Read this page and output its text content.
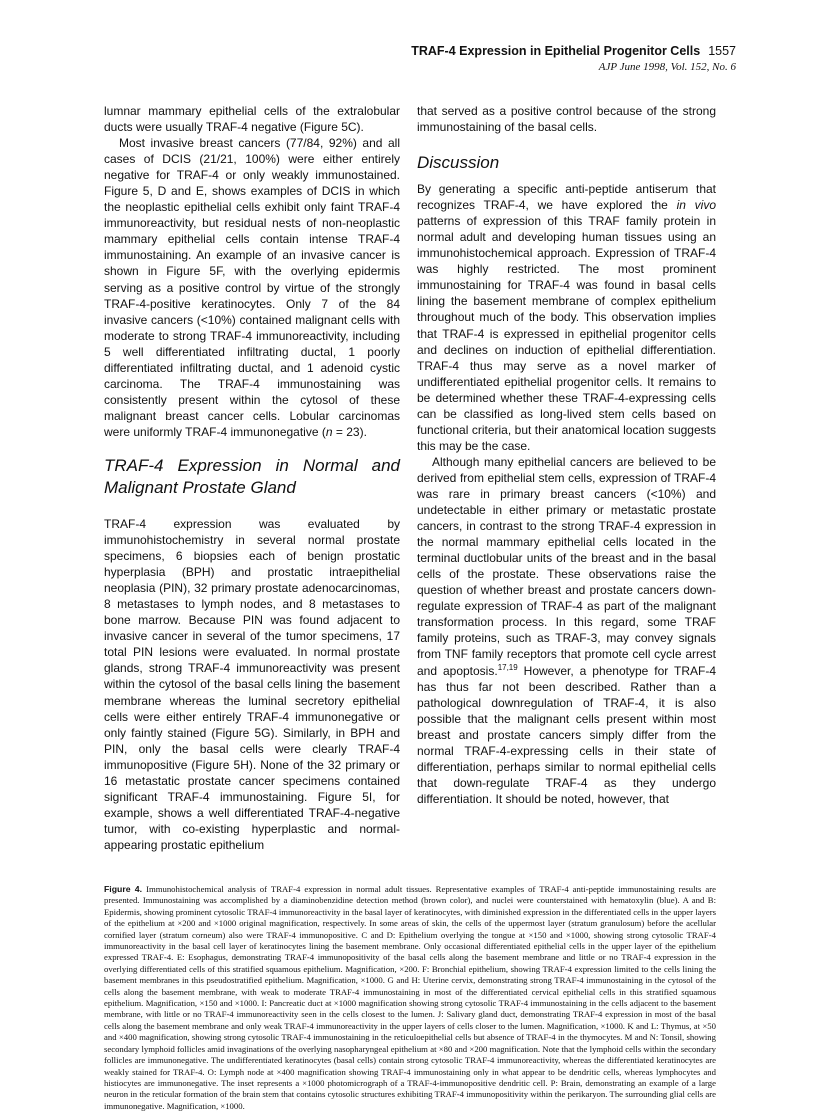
TRAF-4 Expression in Epithelial Progenitor Cells 1557
AJP June 1998, Vol. 152, No. 6

lumnar mammary epithelial cells of the extralobular ducts were usually TRAF-4 negative (Figure 5C).

Most invasive breast cancers (77/84, 92%) and all cases of DCIS (21/21, 100%) were either entirely negative for TRAF-4 or only weakly immunostained. Figure 5, D and E, shows examples of DCIS in which the neoplastic epithelial cells exhibit only faint TRAF-4 immunoreactivity, but residual nests of non-neoplastic mammary epithelial cells contain intense TRAF-4 immunostaining. An example of an invasive cancer is shown in Figure 5F, with the overlying epidermis serving as a positive control by virtue of the strongly TRAF-4-positive keratinocytes. Only 7 of the 84 invasive cancers (<10%) contained malignant cells with moderate to strong TRAF-4 immunoreactivity, including 5 well differentiated infiltrating ductal, 1 poorly differentiated infiltrating ductal, and 1 adenoid cystic carcinoma. The TRAF-4 immunostaining was consistently present within the cytosol of these malignant breast cancer cells. Lobular carcinomas were uniformly TRAF-4 immunonegative (n = 23).

TRAF-4 Expression in Normal and Malignant Prostate Gland

TRAF-4 expression was evaluated by immunohistochemistry in several normal prostate specimens, 6 biopsies each of benign prostatic hyperplasia (BPH) and prostatic intraepithelial neoplasia (PIN), 32 primary prostate adenocarcinomas, 8 metastases to lymph nodes, and 8 metastases to bone marrow. Because PIN was found adjacent to invasive cancer in several of the tumor specimens, 17 total PIN lesions were evaluated. In normal prostate glands, strong TRAF-4 immunoreactivity was present within the cytosol of the basal cells lining the basement membrane whereas the luminal secretory epithelial cells were either entirely TRAF-4 immunonegative or only faintly stained (Figure 5G). Similarly, in BPH and PIN, only the basal cells were clearly TRAF-4 immunopositive (Figure 5H). None of the 32 primary or 16 metastatic prostate cancer specimens contained significant TRAF-4 immunostaining. Figure 5I, for example, shows a well differentiated TRAF-4-negative tumor, with co-existing hyperplastic and normal-appearing prostatic epithelium

that served as a positive control because of the strong immunostaining of the basal cells.

Discussion

By generating a specific anti-peptide antiserum that recognizes TRAF-4, we have explored the in vivo patterns of expression of this TRAF family protein in normal adult and developing human tissues using an immunohistochemical approach. Expression of TRAF-4 was highly restricted. The most prominent immunostaining for TRAF-4 was found in basal cells lining the basement membrane of complex epithelium throughout much of the body. This observation implies that TRAF-4 is expressed in epithelial progenitor cells and declines on induction of epithelial differentiation. TRAF-4 thus may serve as a novel marker of undifferentiated epithelial progenitor cells. It remains to be determined whether these TRAF-4-expressing cells can be classified as long-lived stem cells based on functional criteria, but their anatomical location suggests this may be the case.

Although many epithelial cancers are believed to be derived from epithelial stem cells, expression of TRAF-4 was rare in primary breast cancers (<10%) and undetectable in either primary or metastatic prostate cancers, in contrast to the strong TRAF-4 expression in the normal mammary epithelial cells located in the terminal ductlobular units of the breast and in the basal cells of the prostate. These observations raise the question of whether breast and prostate cancers down-regulate expression of TRAF-4 as part of the malignant transformation process. In this regard, some TRAF family proteins, such as TRAF-3, may convey signals from TNF family receptors that promote cell cycle arrest and apoptosis.$^{17,19}$ However, a phenotype for TRAF-4 has thus far not been described. Rather than a pathological downregulation of TRAF-4, it is also possible that the malignant cells present within most breast and prostate cancers simply differ from the normal TRAF-4-expressing cells in their state of differentiation, perhaps similar to normal epithelial cells that down-regulate TRAF-4 as they undergo differentiation. It should be noted, however, that

Figure 4. Immunohistochemical analysis of TRAF-4 expression in normal adult tissues. Representative examples of TRAF-4 anti-peptide immunostaining results are presented. Immunostaining was accomplished by a diaminobenzidine detection method (brown color), and nuclei were counterstained with hematoxylin (blue). A and B: Epidermis, showing prominent cytosolic TRAF-4 immunoreactivity in the basal layer of keratinocytes, with diminished expression in the differentiated cells in the upper layers of the epithelium at ×200 and ×1000 original magnification, respectively. In some areas of skin, the cells of the uppermost layer (stratum granulosum) before the acellular cornified layer (stratum corneum) also were TRAF-4 immunopositive. C and D: Epithelium overlying the tongue at ×150 and ×1000, showing strong cytosolic TRAF-4 immunoreactivity in the basal cell layer of keratinocytes lining the basement membrane. Only occasional differentiated epithelial cells in the upper layer of the epithelium expressed TRAF-4. E: Esophagus, demonstrating TRAF-4 immunopositivity of the basal cells along the basement membrane and little or no TRAF-4 expression in the overlying differentiated cells of this stratified squamous epithelium. Magnification, ×200. F: Bronchial epithelium, showing TRAF-4 expression limited to the cells lining the basement membranes in this pseudostratified epithelium. Magnification, ×1000. G and H: Uterine cervix, demonstrating strong TRAF-4 immunostaining in the cytosol of the cells along the basement membrane, with weak to moderate TRAF-4 immunostaining in most of the differentiated cervical epithelial cells in this stratified squamous epithelium. Magnification, ×150 and ×1000. I: Pancreatic duct at ×1000 magnification showing strong cytosolic TRAF-4 immunostaining in the cells adjacent to the basement membrane, with little or no TRAF-4 immunoreactivity seen in the cells closest to the lumen. J: Salivary gland duct, demonstrating TRAF-4 expression in most of the basal cells along the basement membrane and only weak TRAF-4 immunoreactivity in the upper layers of cells closer to the lumen. Magnification, ×1000. K and L: Thymus, at ×50 and ×400 magnification, showing strong cytosolic TRAF-4 immunostaining in the reticuloepithelial cells but absence of TRAF-4 in the thymocytes. M and N: Tonsil, showing secondary lymphoid follicles amid invaginations of the overlying nasopharyngeal epithelium at ×80 and ×200 magnification. Note that the lymphoid cells within the secondary follicles are immunonegative. The undifferentiated keratinocytes (basal cells) contain strong cytosolic TRAF-4 immunoreactivity, whereas the differentiated keratinocytes are weakly stained for TRAF-4. O: Lymph node at ×400 magnification showing TRAF-4 immunostaining only in what appear to be dendritic cells, whereas lymphocytes and histiocytes are immunonegative. The inset represents a ×1000 photomicrograph of a TRAF-4-immunopositive dendritic cell. P: Brain, demonstrating an example of a large neuron in the reticular formation of the brain stem that contains cytosolic structures exhibiting TRAF-4 immunopositivity within the perikaryon. The surrounding glial cells are immunonegative. Magnification, ×1000.
